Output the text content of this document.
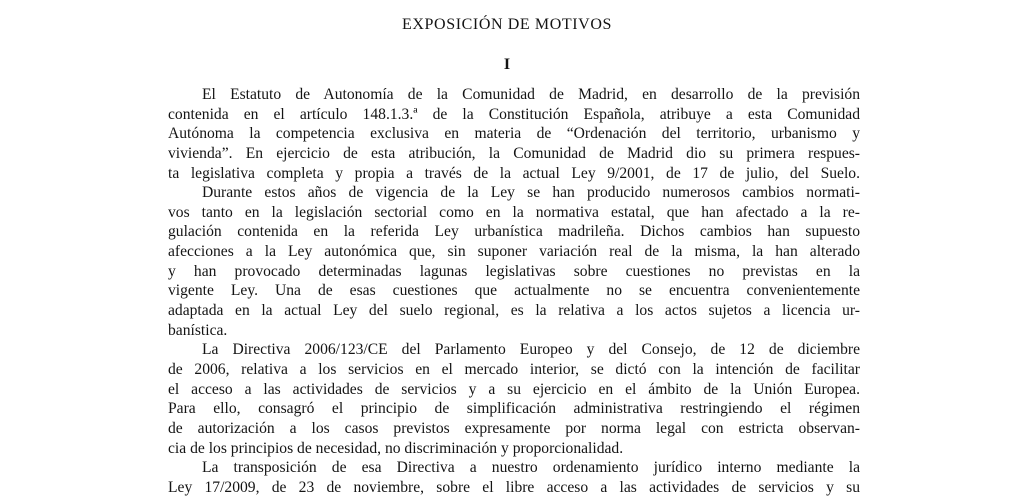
EXPOSICIÓN DE MOTIVOS
I
El Estatuto de Autonomía de la Comunidad de Madrid, en desarrollo de la previsión
contenida en el artículo 148.1.3.ª de la Constitución Española, atribuye a esta Comunidad
Autónoma la competencia exclusiva en materia de “Ordenación del territorio, urbanismo y
vivienda”. En ejercicio de esta atribución, la Comunidad de Madrid dio su primera respues-
ta legislativa completa y propia a través de la actual Ley 9/2001, de 17 de julio, del Suelo.
Durante estos años de vigencia de la Ley se han producido numerosos cambios normati-
vos tanto en la legislación sectorial como en la normativa estatal, que han afectado a la re-
gulación contenida en la referida Ley urbanística madrileña. Dichos cambios han supuesto
afecciones a la Ley autonómica que, sin suponer variación real de la misma, la han alterado
y han provocado determinadas lagunas legislativas sobre cuestiones no previstas en la
vigente Ley. Una de esas cuestiones que actualmente no se encuentra convenientemente
adaptada en la actual Ley del suelo regional, es la relativa a los actos sujetos a licencia ur-
banística.
La Directiva 2006/123/CE del Parlamento Europeo y del Consejo, de 12 de diciembre
de 2006, relativa a los servicios en el mercado interior, se dictó con la intención de facilitar
el acceso a las actividades de servicios y a su ejercicio en el ámbito de la Unión Europea.
Para ello, consagró el principio de simplificación administrativa restringiendo el régimen
de autorización a los casos previstos expresamente por norma legal con estricta observan-
cia de los principios de necesidad, no discriminación y proporcionalidad.
La transposición de esa Directiva a nuestro ordenamiento jurídico interno mediante la
Ley 17/2009, de 23 de noviembre, sobre el libre acceso a las actividades de servicios y su
